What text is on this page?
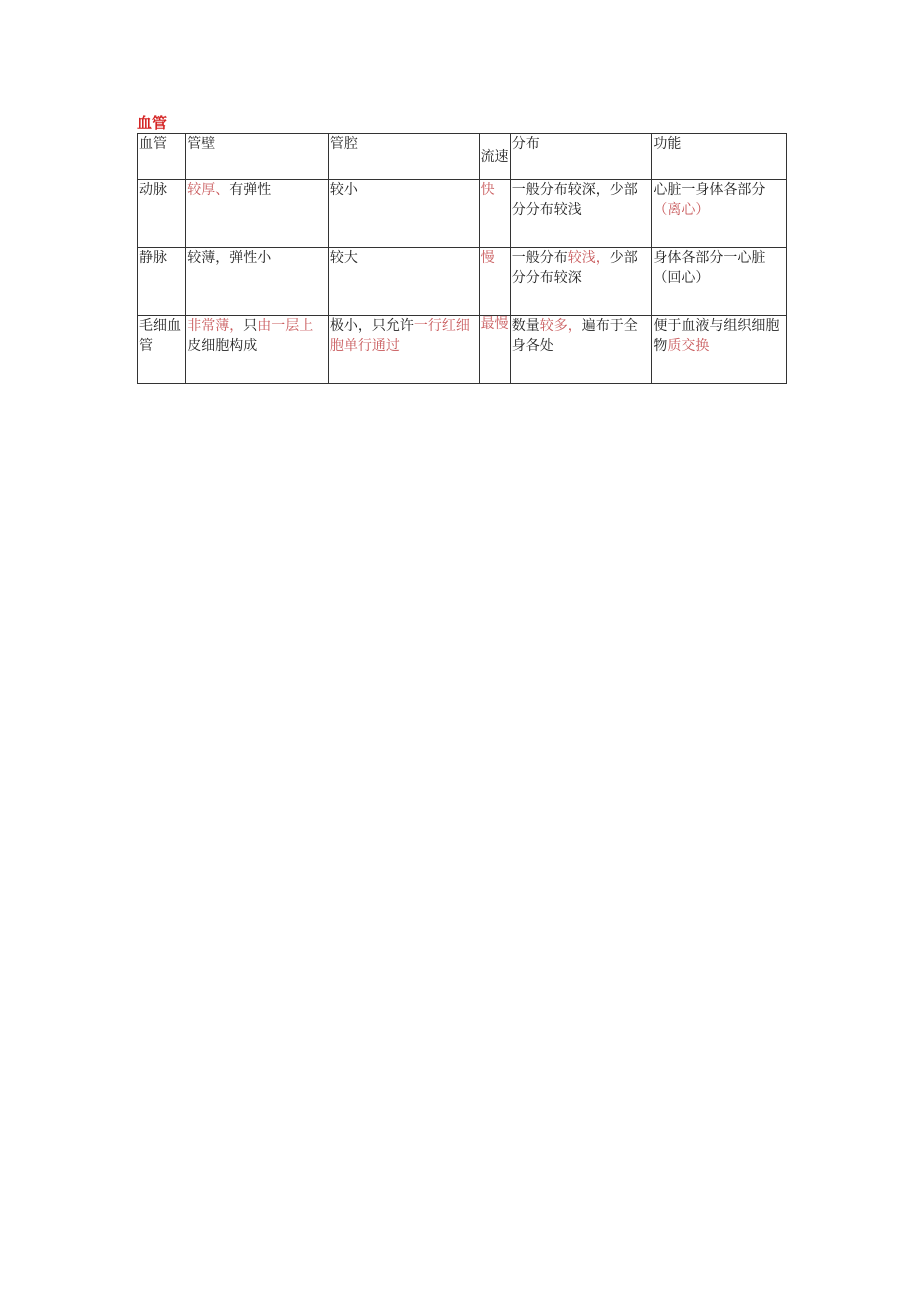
血管
血管	管壁	管腔	流速	分布	功能
动脉	较厚、有弹性	较小	快	一般分布较深，少部分分布较浅	心脏一身体各部分（离心）
静脉	较薄，弹性小	较大	慢	一般分布较浅，少部分分布较深	身体各部分一心脏（回心）
毛细血管	非常薄，只由一层上皮细胞构成	极小，只允许一行红细胞单行通过	最慢	数量较多，遍布于全身各处	便于血液与组织细胞物质交换
